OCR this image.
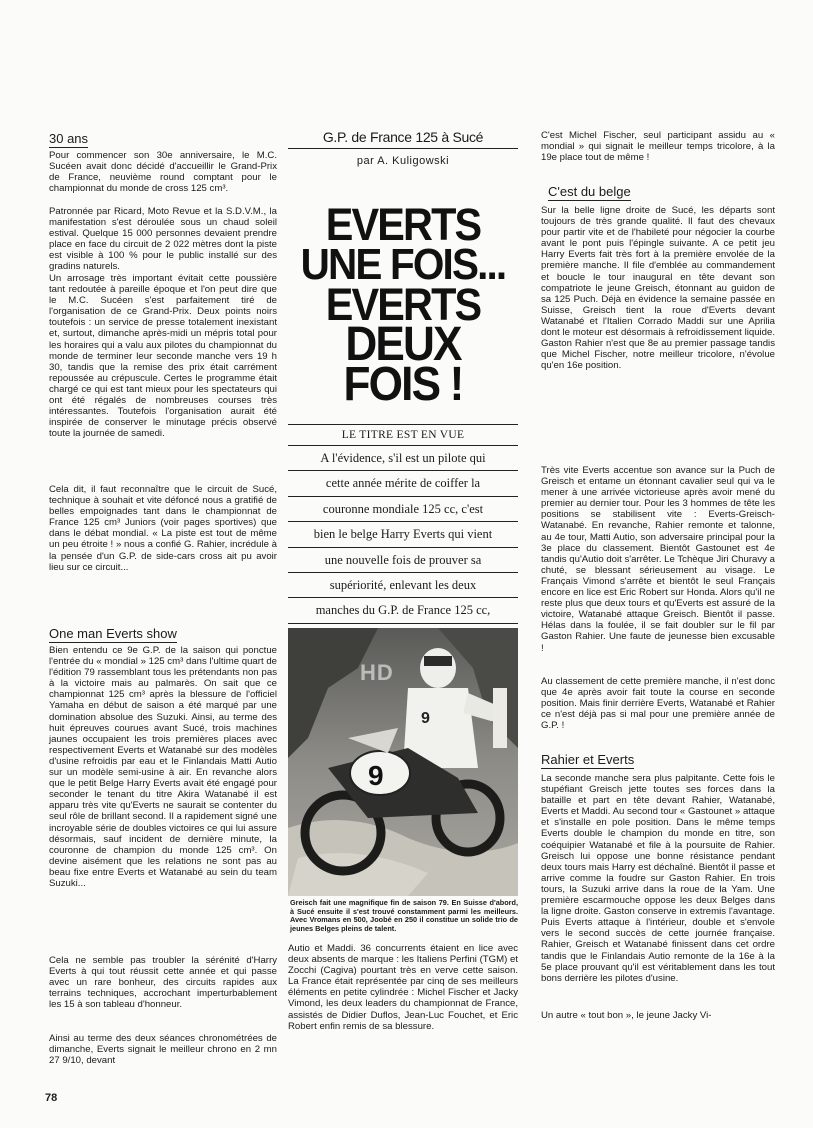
30 ans

Pour commencer son 30e anniversaire, le M.C. Sucéen avait donc décidé d'accueillir le Grand-Prix de France, neuvième round comptant pour le championnat du monde de cross 125 cm³.

Patronnée par Ricard, Moto Revue et la S.D.V.M., la manifestation s'est déroulée sous un chaud soleil estival. Quelque 15 000 personnes devaient prendre place en face du circuit de 2 022 mètres dont la piste est visible à 100 % pour le public installé sur des gradins naturels.

Un arrosage très important évitait cette poussière tant redoutée à pareille époque et l'on peut dire que le M.C. Sucéen s'est parfaitement tiré de l'organisation de ce Grand-Prix. Deux points noirs toutefois : un service de presse totalement inexistant et, surtout, dimanche après-midi un mépris total pour les horaires qui a valu aux pilotes du championnat du monde de terminer leur seconde manche vers 19 h 30, tandis que la remise des prix était carrément repoussée au crépuscule. Certes le programme était chargé ce qui est tant mieux pour les spectateurs qui ont été régalés de nombreuses courses très intéressantes. Toutefois l'organisation aurait été inspirée de conserver le minutage précis observé toute la journée de samedi.

Cela dit, il faut reconnaître que le circuit de Sucé, technique à souhait et vite défoncé nous a gratifié de belles empoignades tant dans le championnat de France 125 cm³ Juniors (voir pages sportives) que dans le débat mondial. « La piste est tout de même un peu étroite ! » nous a confié G. Rahier, incrédule à la pensée d'un G.P. de side-cars cross ait pu avoir lieu sur ce circuit...

One man Everts show

Bien entendu ce 9e G.P. de la saison qui ponctue l'entrée du « mondial » 125 cm³ dans l'ultime quart de l'édition 79 rassemblant tous les prétendants non pas à la victoire mais au palmarès. On sait que ce championnat 125 cm³ après la blessure de l'officiel Yamaha en début de saison a été marqué par une domination absolue des Suzuki. Ainsi, au terme des huit épreuves courues avant Sucé, trois machines jaunes occupaient les trois premières places avec respectivement Everts et Watanabé sur des modèles d'usine refroidis par eau et le Finlandais Matti Autio sur un modèle semi-usine à air. En revanche alors que le petit Belge Harry Everts avait été engagé pour seconder le tenant du titre Akira Watanabé il est apparu très vite qu'Everts ne saurait se contenter du seul rôle de brillant second. Il a rapidement signé une incroyable série de doubles victoires ce qui lui assure désormais, sauf incident de dernière minute, la couronne de champion du monde 125 cm³. On devine aisément que les relations ne sont pas au beau fixe entre Everts et Watanabé au sein du team Suzuki...

Cela ne semble pas troubler la sérénité d'Harry Everts à qui tout réussit cette année et qui passe avec un rare bonheur, des circuits rapides aux terrains techniques, accrochant imperturbablement les 15 à son tableau d'honneur.

Ainsi au terme des deux séances chronométrées de dimanche, Everts signait le meilleur chrono en 2 mn 27 9/10, devant

78
G.P. de France 125 à Sucé
par A. Kuligowski
EVERTS
UNE FOIS...
EVERTS
DEUX FOIS !
LE TITRE EST EN VUE
A l'évidence, s'il est un pilote qui
cette année mérite de coiffer la
couronne mondiale 125 cc, c'est
bien le belge Harry Everts qui vient
une nouvelle fois de prouver sa
supériorité, enlevant les deux
manches du G.P. de France 125 cc,
9
9
HD

Greisch fait une magnifique fin de saison 79. En Suisse d'abord, à Sucé ensuite il s'est trouvé constamment parmi les meilleurs. Avec Vromans en 500, Joobé en 250 il constitue un solide trio de jeunes Belges pleins de talent.

Autio et Maddi. 36 concurrents étaient en lice avec deux absents de marque : les Italiens Perfini (TGM) et Zocchi (Cagiva) pourtant très en verve cette saison. La France était représentée par cinq de ses meilleurs éléments en petite cylindrée : Michel Fischer et Jacky Vimond, les deux leaders du championnat de France, assistés de Didier Duflos, Jean-Luc Fouchet, et Eric Robert enfin remis de sa blessure.

C'est Michel Fischer, seul participant assidu au « mondial » qui signait le meilleur temps tricolore, à la 19e place tout de même !

C'est du belge

Sur la belle ligne droite de Sucé, les départs sont toujours de très grande qualité. Il faut des chevaux pour partir vite et de l'habileté pour négocier la courbe avant le pont puis l'épingle suivante. A ce petit jeu Harry Everts fait très fort à la première envolée de la première manche. Il file d'emblée au commandement et boucle le tour inaugural en tête devant son compatriote le jeune Greisch, étonnant au guidon de sa 125 Puch. Déjà en évidence la semaine passée en Suisse, Greisch tient la roue d'Everts devant Watanabé et l'Italien Corrado Maddi sur une Aprilia dont le moteur est désormais à refroidissement liquide. Gaston Rahier n'est que 8e au premier passage tandis que Michel Fischer, notre meilleur tricolore, n'évolue qu'en 16e position.

Très vite Everts accentue son avance sur la Puch de Greisch et entame un étonnant cavalier seul qui va le mener à une arrivée victorieuse après avoir mené du premier au dernier tour. Pour les 3 hommes de tête les positions se stabilisent vite : Everts-Greisch-Watanabé. En revanche, Rahier remonte et talonne, au 4e tour, Matti Autio, son adversaire principal pour la 3e place du classement. Bientôt Gastounet est 4e tandis qu'Autio doit s'arrêter. Le Tchèque Jiri Churavy a chuté, se blessant sérieusement au visage. Le Français Vimond s'arrête et bientôt le seul Français encore en lice est Eric Robert sur Honda. Alors qu'il ne reste plus que deux tours et qu'Everts est assuré de la victoire, Watanabé attaque Greisch. Bientôt il passe. Hélas dans la foulée, il se fait doubler sur le fil par Gaston Rahier. Une faute de jeunesse bien excusable !

Au classement de cette première manche, il n'est donc que 4e après avoir fait toute la course en seconde position. Mais finir derrière Everts, Watanabé et Rahier ce n'est déjà pas si mal pour une première année de G.P. !

Rahier et Everts

La seconde manche sera plus palpitante. Cette fois le stupéfiant Greisch jette toutes ses forces dans la bataille et part en tête devant Rahier, Watanabé, Everts et Maddi. Au second tour « Gastounet » attaque et s'installe en pole position. Dans le même temps Everts double le champion du monde en titre, son coéquipier Watanabé et file à la poursuite de Rahier. Greisch lui oppose une bonne résistance pendant deux tours mais Harry est déchaîné. Bientôt il passe et arrive comme la foudre sur Gaston Rahier. En trois tours, la Suzuki arrive dans la roue de la Yam. Une première escarmouche oppose les deux Belges dans la ligne droite. Gaston conserve in extremis l'avantage. Puis Everts attaque à l'intérieur, double et s'envole vers le second succès de cette journée française. Rahier, Greisch et Watanabé finissent dans cet ordre tandis que le Finlandais Autio remonte de la 16e à la 5e place prouvant qu'il est véritablement dans les tout bons derrière les pilotes d'usine.

Un autre « tout bon », le jeune Jacky Vi-
